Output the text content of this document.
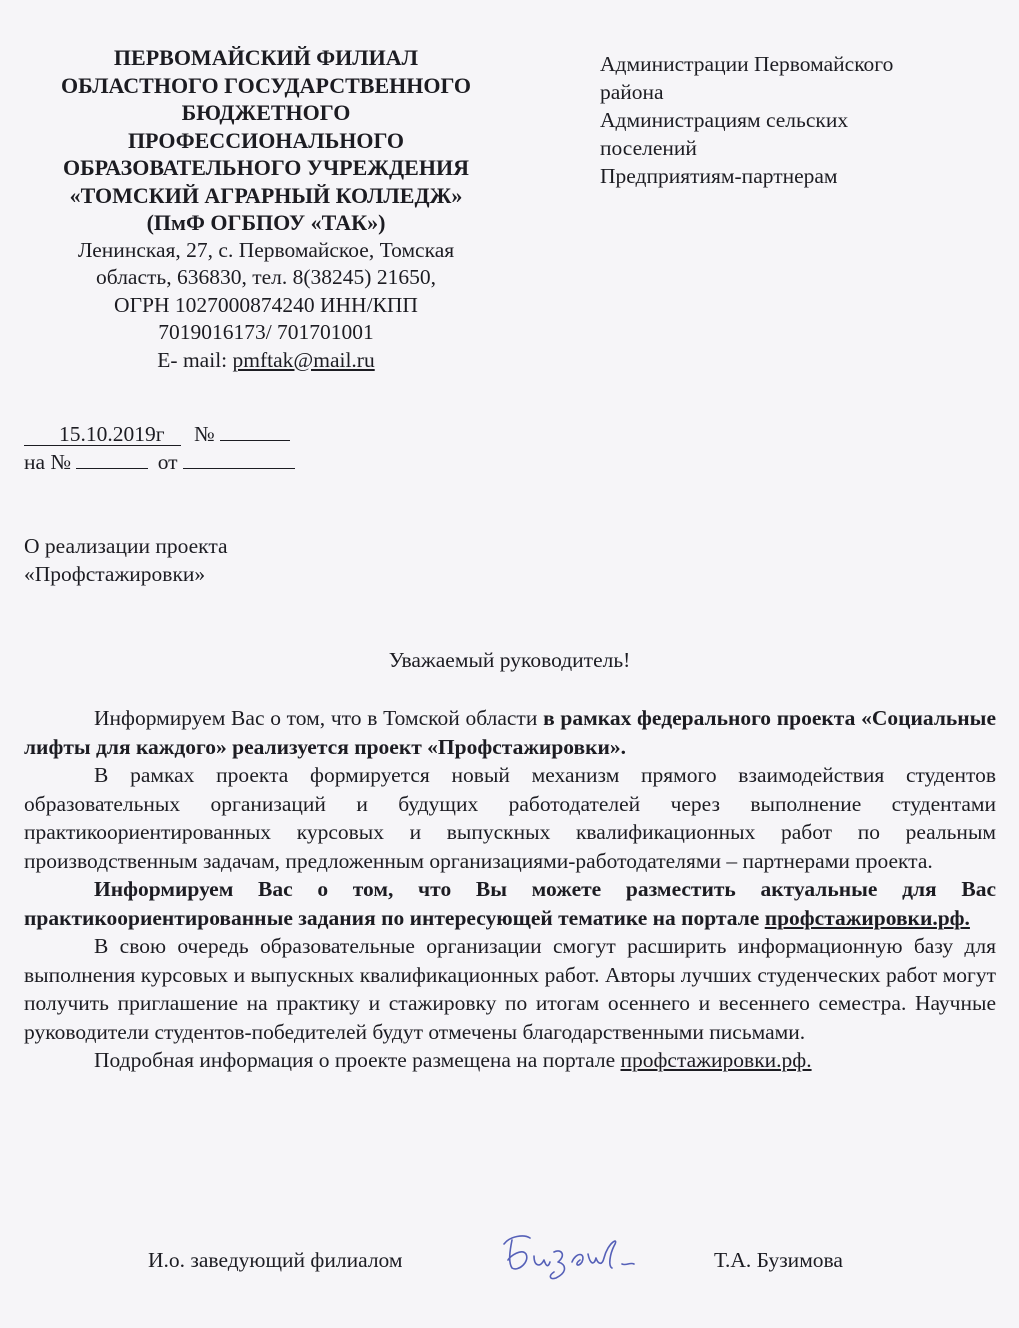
ПЕРВОМАЙСКИЙ ФИЛИАЛ
ОБЛАСТНОГО ГОСУДАРСТВЕННОГО
БЮДЖЕТНОГО
ПРОФЕССИОНАЛЬНОГО
ОБРАЗОВАТЕЛЬНОГО УЧРЕЖДЕНИЯ
«ТОМСКИЙ АГРАРНЫЙ КОЛЛЕДЖ»
(ПмФ ОГБПОУ «ТАК»)
Ленинская, 27, с. Первомайское, Томская
область, 636830, тел. 8(38245) 21650,
ОГРН 1027000874240 ИНН/КПП
7019016173/ 701701001
E- mail: pmftak@mail.ru
Администрации Первомайского
района
Администрациям сельских
поселений
Предприятиям-партнерам
15.10.2019г №
на №	от
О реализации проекта
«Профстажировки»
Уважаемый руководитель!

Информируем Вас о том, что в Томской области в рамках федерального проекта «Социальные лифты для каждого» реализуется проект «Профстажировки».

В рамках проекта формируется новый механизм прямого взаимодействия студентов образовательных организаций и будущих работодателей через выполнение студентами практикоориентированных курсовых и выпускных квалификационных работ по реальным производственным задачам, предложенным организациями-работодателями – партнерами проекта.

Информируем Вас о том, что Вы можете разместить актуальные для Вас практикоориентированные задания по интересующей тематике на портале профстажировки.рф.

В свою очередь образовательные организации смогут расширить информационную базу для выполнения курсовых и выпускных квалификационных работ. Авторы лучших студенческих работ могут получить приглашение на практику и стажировку по итогам осеннего и весеннего семестра. Научные руководители студентов-победителей будут отмечены благодарственными письмами.

Подробная информация о проекте размещена на портале профстажировки.рф.

И.о. заведующий филиалом	Т.А. Бузимова
